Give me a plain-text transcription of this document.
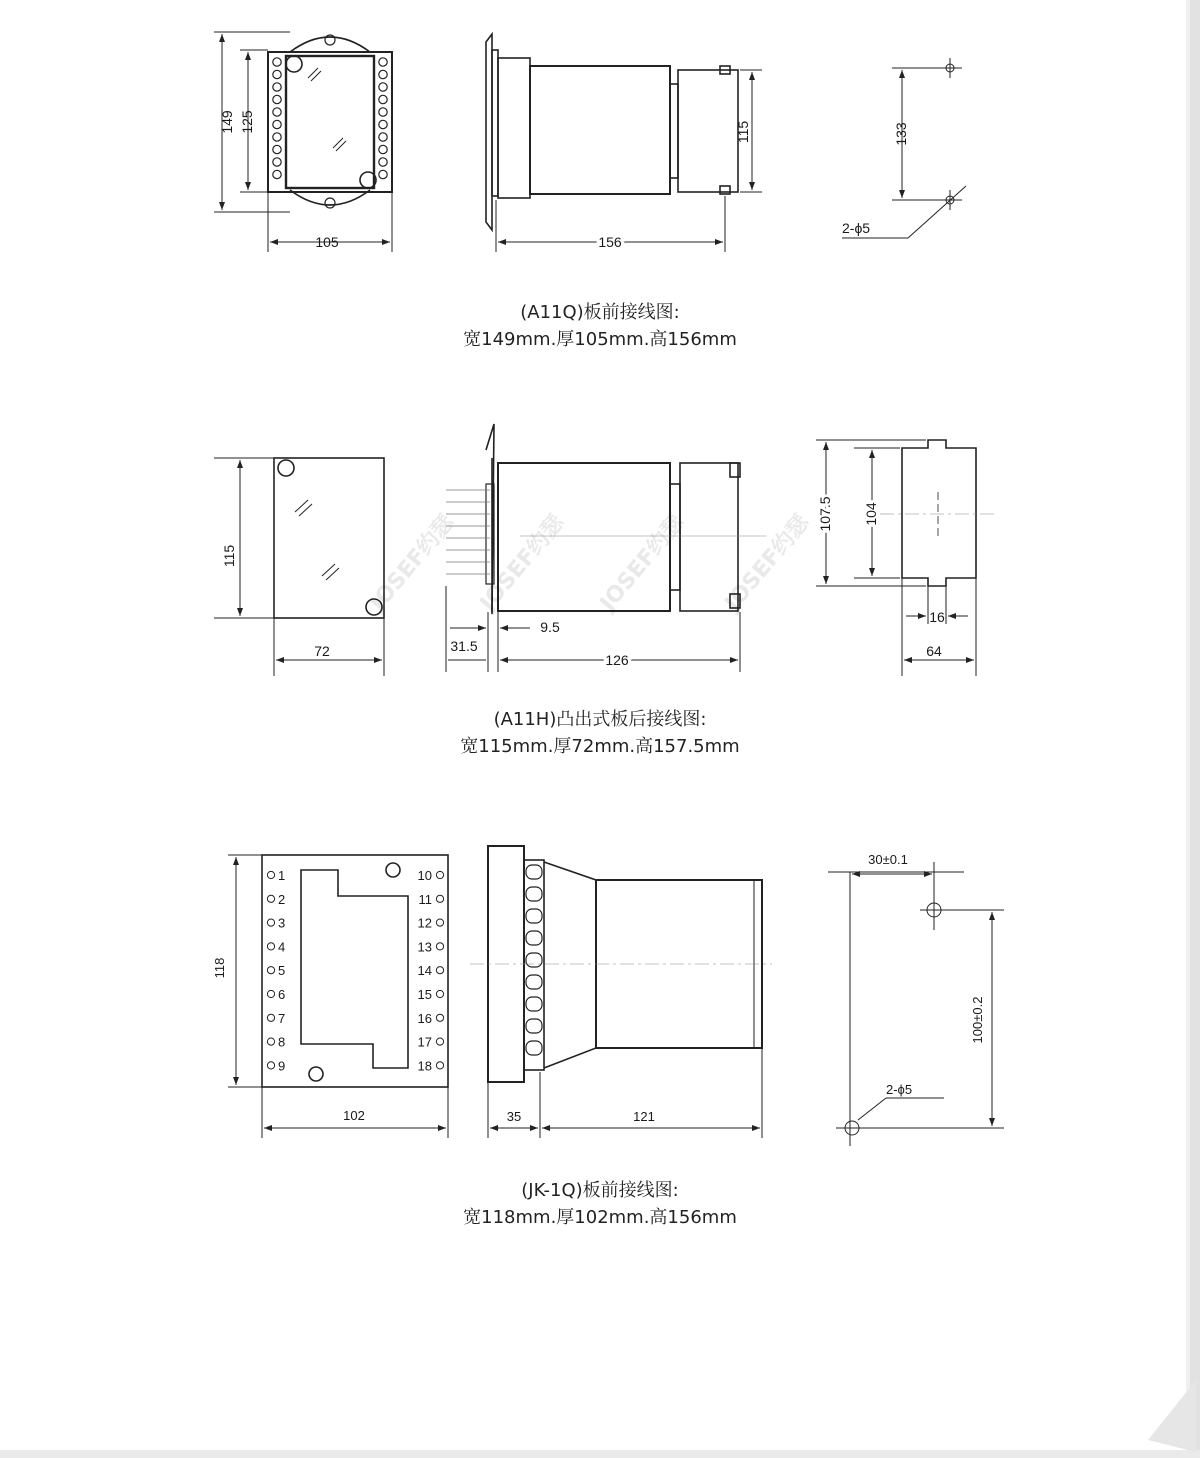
149 125
105	156
115	133
2-ϕ5
JOSEF约瑟 JOSEF约瑟 JOSEF约瑟 JOSEF约瑟
115
72	31.5
9.5
126
107.5 104
16
64
1
2
3
4
5
6
7
8
9
10
11
12
13
14
15
16
17
18
118
102	35	121
30±0.1
100±0.2
2-ϕ5
(A11Q)板前接线图:
宽149mm.厚105mm.高156mm
(A11H)凸出式板后接线图:
宽115mm.厚72mm.高157.5mm
(JK-1Q)板前接线图:
宽118mm.厚102mm.高156mm
